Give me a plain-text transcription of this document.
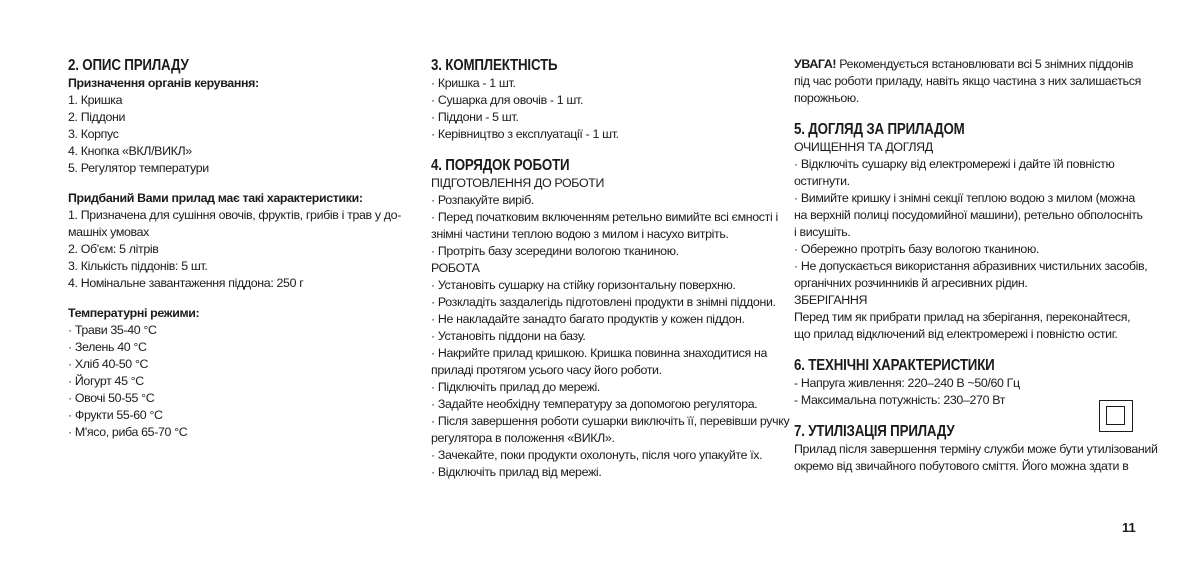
2. ОПИС ПРИЛАДУ
Призначення органів керування:
1. Кришка
2. Піддони
3. Корпус
4. Кнопка «ВКЛ/ВИКЛ»
5. Регулятор температури
Придбаний Вами прилад має такі характеристики:
1. Призначена для сушіння овочів, фруктів, грибів і трав у до-
машніх умовах
2. Об'єм: 5 літрів
3. Кількість піддонів: 5 шт.
4. Номінальне завантаження піддона: 250 г
Температурні режими:
· Трави 35-40 °С
· Зелень 40 °С
· Хліб 40-50 °С
· Йогурт 45 °С
· Овочі 50-55 °С
· Фрукти 55-60 °С
· М'ясо, риба 65-70 °С
3. КОМПЛЕКТНІСТЬ
· Кришка - 1 шт.
· Сушарка для овочів - 1 шт.
· Піддони - 5 шт.
· Керівництво з експлуатації - 1 шт.
4. ПОРЯДОК РОБОТИ
ПІДГОТОВЛЕННЯ ДО РОБОТИ
· Розпакуйте виріб.
· Перед початковим включенням ретельно вимийте всі ємності і
знімні частини теплою водою з милом і насухо витріть.
· Протріть базу зсередини вологою тканиною.
РОБОТА
· Установіть сушарку на стійку горизонтальну поверхню.
· Розкладіть заздалегідь підготовлені продукти в знімні піддони.
· Не накладайте занадто багато продуктів у кожен піддон.
· Установіть піддони на базу.
· Накрийте прилад кришкою. Кришка повинна знаходитися на
приладі протягом усього часу його роботи.
· Підключіть прилад до мережі.
· Задайте необхідну температуру за допомогою регулятора.
· Після завершення роботи сушарки виключіть її, перевівши ручку
регулятора в положення «ВИКЛ».
· Зачекайте, поки продукти охолонуть, після чого упакуйте їх.
· Відключіть прилад від мережі.
УВАГА! Рекомендується встановлювати всі 5 знімних піддонів
під час роботи приладу, навіть якщо частина з них залишається
порожньою.
5. ДОГЛЯД ЗА ПРИЛАДОМ
ОЧИЩЕННЯ ТА ДОГЛЯД
· Відключіть сушарку від електромережі і дайте їй повністю
остигнути.
· Вимийте кришку і знімні секції теплою водою з милом (можна
на верхній полиці посудомийної машини), ретельно обполосніть
і висушіть.
· Обережно протріть базу вологою тканиною.
· Не допускається використання абразивних чистильних засобів,
органічних розчинників й агресивних рідин.
ЗБЕРІГАННЯ
Перед тим як прибрати прилад на зберігання, переконайтеся,
що прилад відключений від електромережі і повністю остиг.
6. ТЕХНІЧНІ ХАРАКТЕРИСТИКИ
- Напруга живлення: 220–240 В ~50/60 Гц
- Максимальна потужність: 230–270 Вт
7. УТИЛІЗАЦІЯ ПРИЛАДУ
Прилад після завершення терміну служби може бути утилізований
окремо від звичайного побутового сміття. Його можна здати в
11
